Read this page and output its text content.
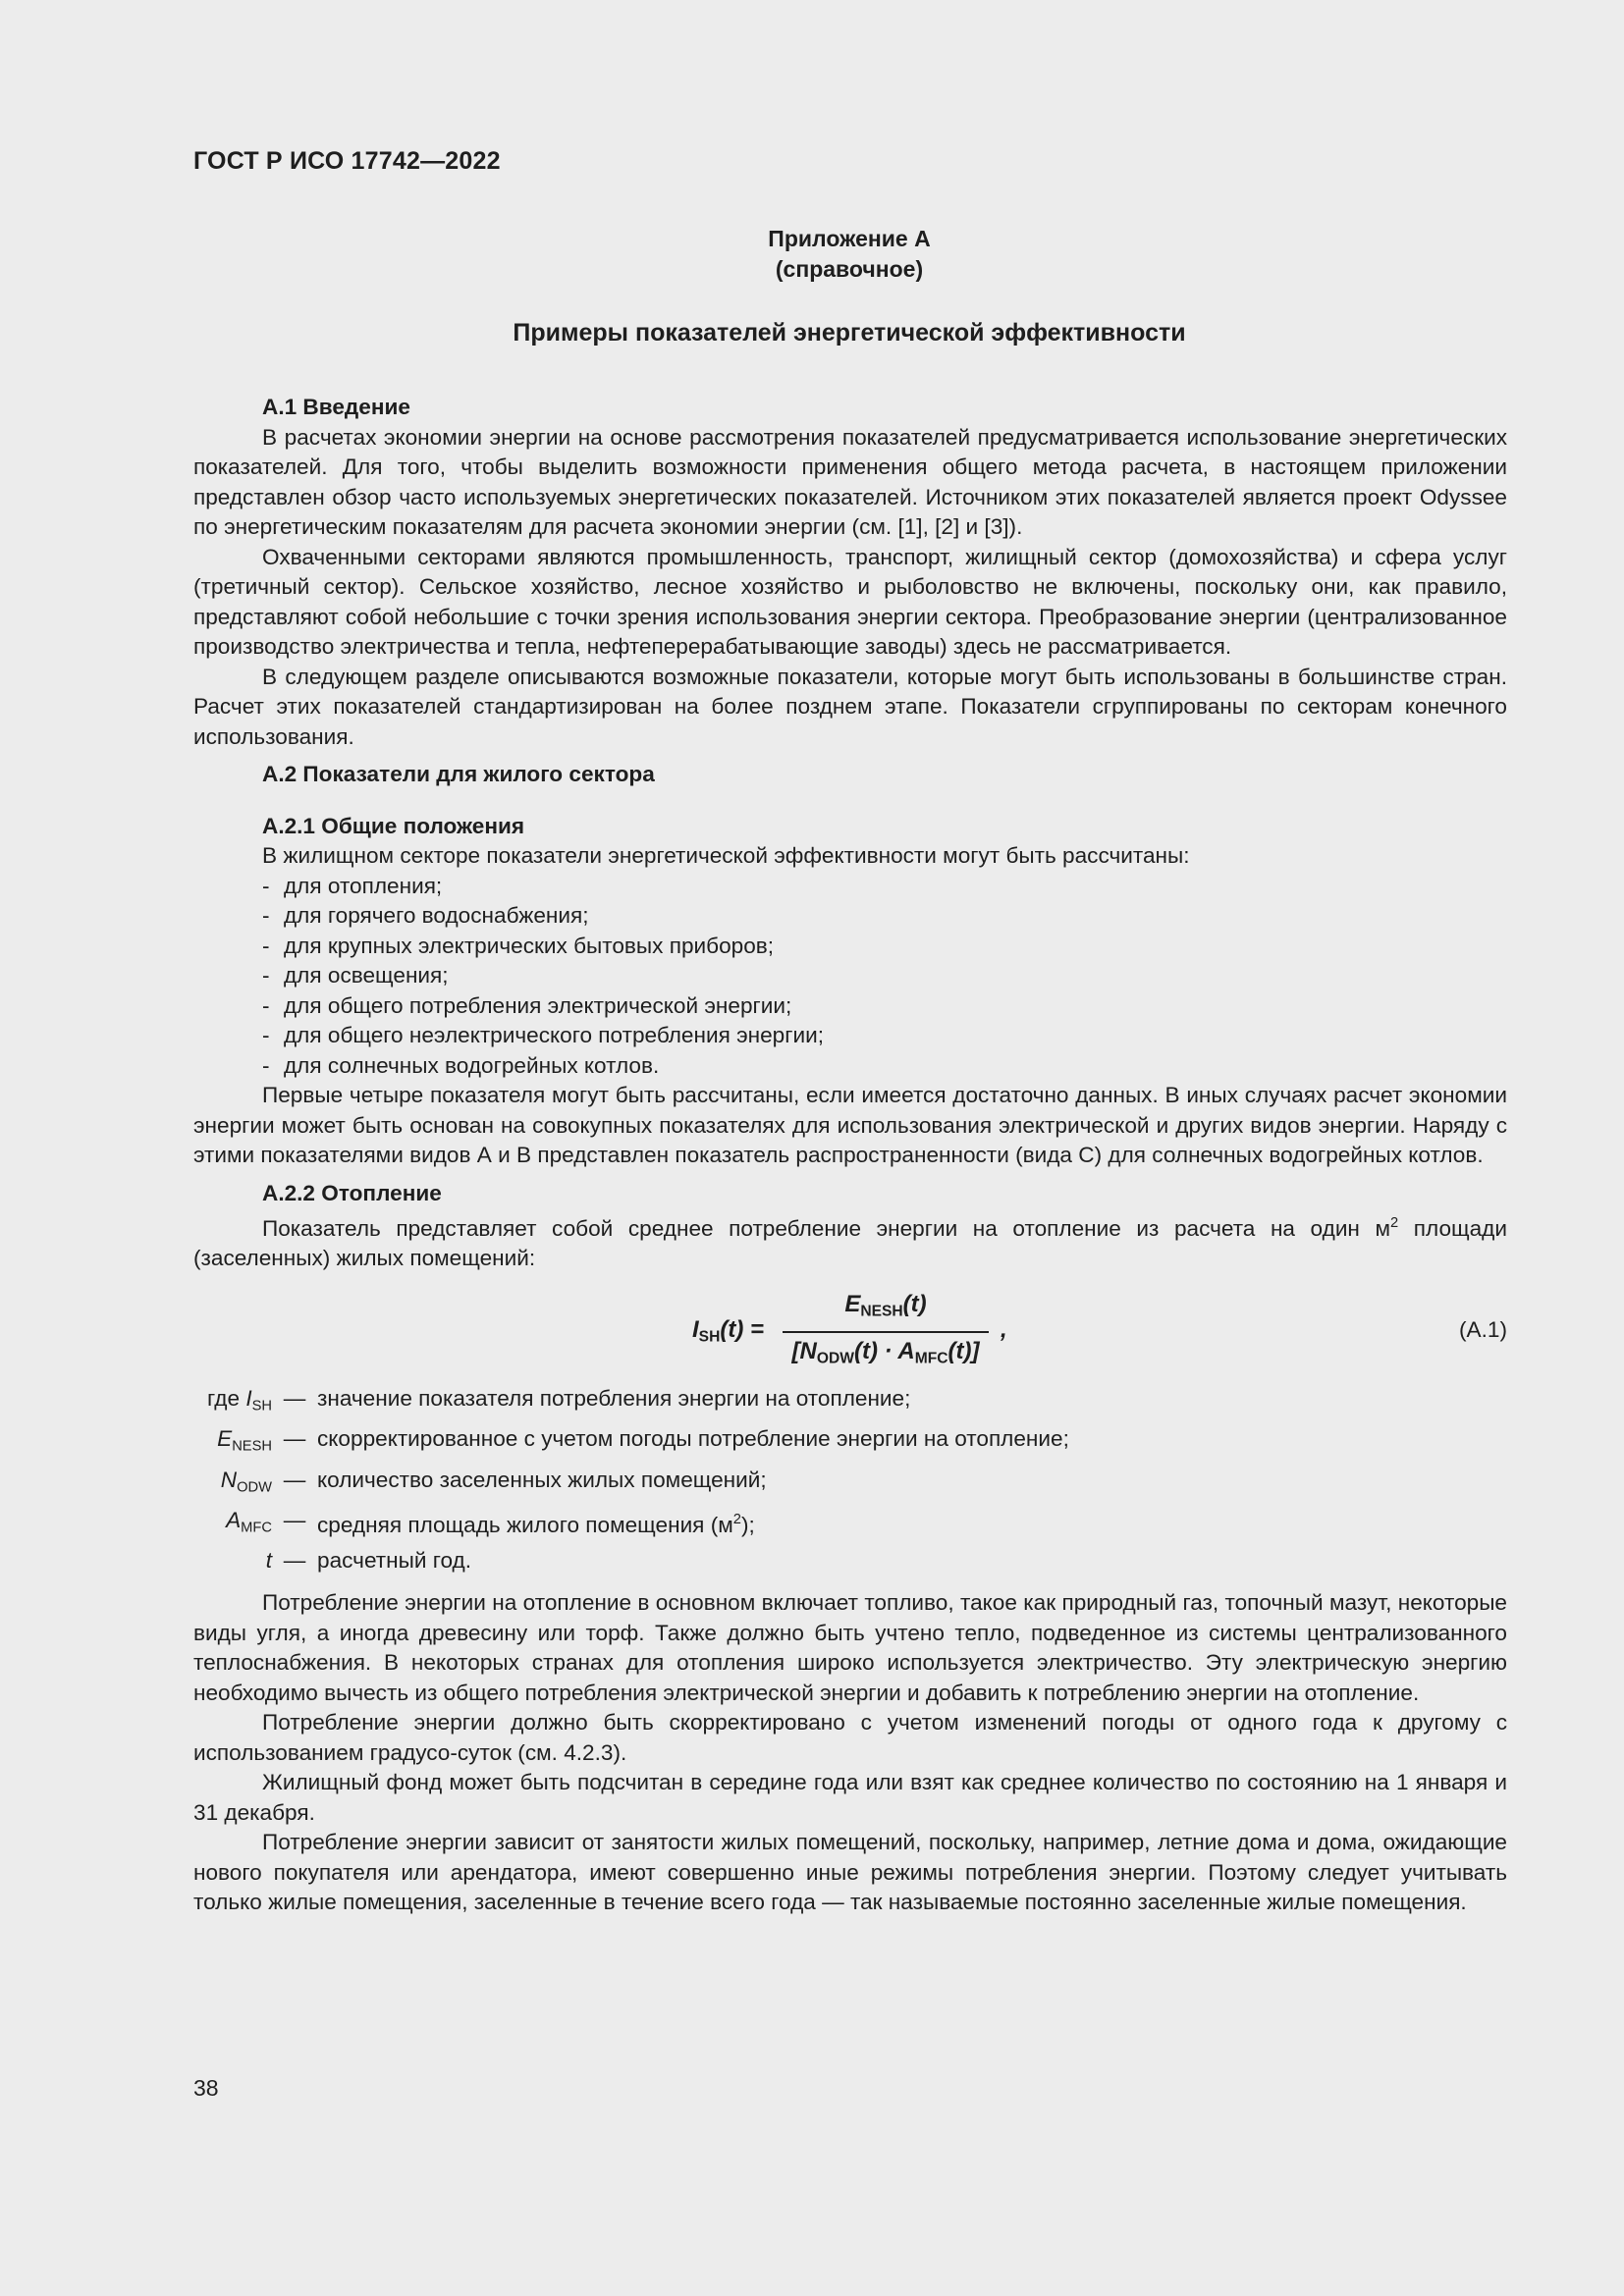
ГОСТ Р ИСО 17742—2022
Приложение А
(справочное)
Примеры показателей энергетической эффективности
А.1 Введение

В расчетах экономии энергии на основе рассмотрения показателей предусматривается использование энергетических показателей. Для того, чтобы выделить возможности применения общего метода расчета, в настоящем приложении представлен обзор часто используемых энергетических показателей. Источником этих показателей является проект Odyssee по энергетическим показателям для расчета экономии энергии (см. [1], [2] и [3]).

Охваченными секторами являются промышленность, транспорт, жилищный сектор (домохозяйства) и сфера услуг (третичный сектор). Сельское хозяйство, лесное хозяйство и рыболовство не включены, поскольку они, как правило, представляют собой небольшие с точки зрения использования энергии сектора. Преобразование энергии (централизованное производство электричества и тепла, нефтеперерабатывающие заводы) здесь не рассматривается.

В следующем разделе описываются возможные показатели, которые могут быть использованы в большинстве стран. Расчет этих показателей стандартизирован на более позднем этапе. Показатели сгруппированы по секторам конечного использования.

А.2 Показатели для жилого сектора
А.2.1 Общие положения
В жилищном секторе показатели энергетической эффективности могут быть рассчитаны:
- для отопления;
- для горячего водоснабжения;
- для крупных электрических бытовых приборов;
- для освещения;
- для общего потребления электрической энергии;
- для общего неэлектрического потребления энергии;
- для солнечных водогрейных котлов.

Первые четыре показателя могут быть рассчитаны, если имеется достаточно данных. В иных случаях расчет экономии энергии может быть основан на совокупных показателях для использования электрической и других видов энергии. Наряду с этими показателями видов А и В представлен показатель распространенности (вида С) для солнечных водогрейных котлов.

А.2.2 Отопление

Показатель представляет собой среднее потребление энергии на отопление из расчета на один $м^2$ площади (заселенных) жилых помещений:

$I_{SH}(t)$ =
$E_{NESH}(t)$
$[N_{ODW}(t) \cdot A_{MFC}(t)]$
,	(А.1)
где $I_{SH}$	—	значение показателя потребления энергии на отопление;
$E_{NESH}$	—	скорректированное с учетом погоды потребление энергии на отопление;
$N_{ODW}$	—	количество заселенных жилых помещений;
$A_{MFC}$	—	средняя площадь жилого помещения $(м^2)$;
t	—	расчетный год.

Потребление энергии на отопление в основном включает топливо, такое как природный газ, топочный мазут, некоторые виды угля, а иногда древесину или торф. Также должно быть учтено тепло, подведенное из системы централизованного теплоснабжения. В некоторых странах для отопления широко используется электричество. Эту электрическую энергию необходимо вычесть из общего потребления электрической энергии и добавить к потреблению энергии на отопление.

Потребление энергии должно быть скорректировано с учетом изменений погоды от одного года к другому с использованием градусо-суток (см. 4.2.3).

Жилищный фонд может быть подсчитан в середине года или взят как среднее количество по состоянию на 1 января и 31 декабря.

Потребление энергии зависит от занятости жилых помещений, поскольку, например, летние дома и дома, ожидающие нового покупателя или арендатора, имеют совершенно иные режимы потребления энергии. Поэтому следует учитывать только жилые помещения, заселенные в течение всего года — так называемые постоянно заселенные жилые помещения.

38
